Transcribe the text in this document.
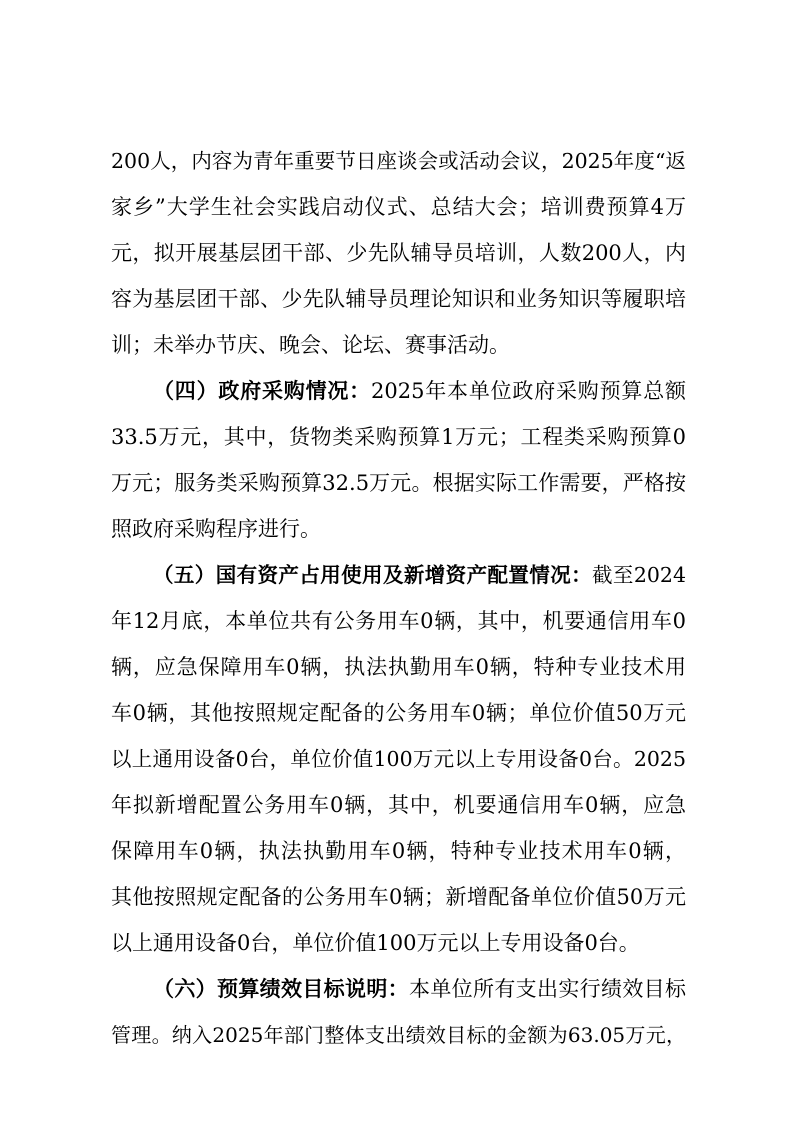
200人，内容为青年重要节日座谈会或活动会议，2025年度“返
家乡”大学生社会实践启动仪式、总结大会；培训费预算4万
元，拟开展基层团干部、少先队辅导员培训，人数200人，内
容为基层团干部、少先队辅导员理论知识和业务知识等履职培
训；未举办节庆、晚会、论坛、赛事活动。
（四）政府采购情况：2025年本单位政府采购预算总额
33.5万元，其中，货物类采购预算1万元；工程类采购预算0
万元；服务类采购预算32.5万元。根据实际工作需要，严格按
照政府采购程序进行。
（五）国有资产占用使用及新增资产配置情况：截至2024
年12月底，本单位共有公务用车0辆，其中，机要通信用车0
辆，应急保障用车0辆，执法执勤用车0辆，特种专业技术用
车0辆，其他按照规定配备的公务用车0辆；单位价值50万元
以上通用设备0台，单位价值100万元以上专用设备0台。2025
年拟新增配置公务用车0辆，其中，机要通信用车0辆，应急
保障用车0辆，执法执勤用车0辆，特种专业技术用车0辆，
其他按照规定配备的公务用车0辆；新增配备单位价值50万元
以上通用设备0台，单位价值100万元以上专用设备0台。
（六）预算绩效目标说明：本单位所有支出实行绩效目标
管理。纳入2025年部门整体支出绩效目标的金额为63.05万元，
